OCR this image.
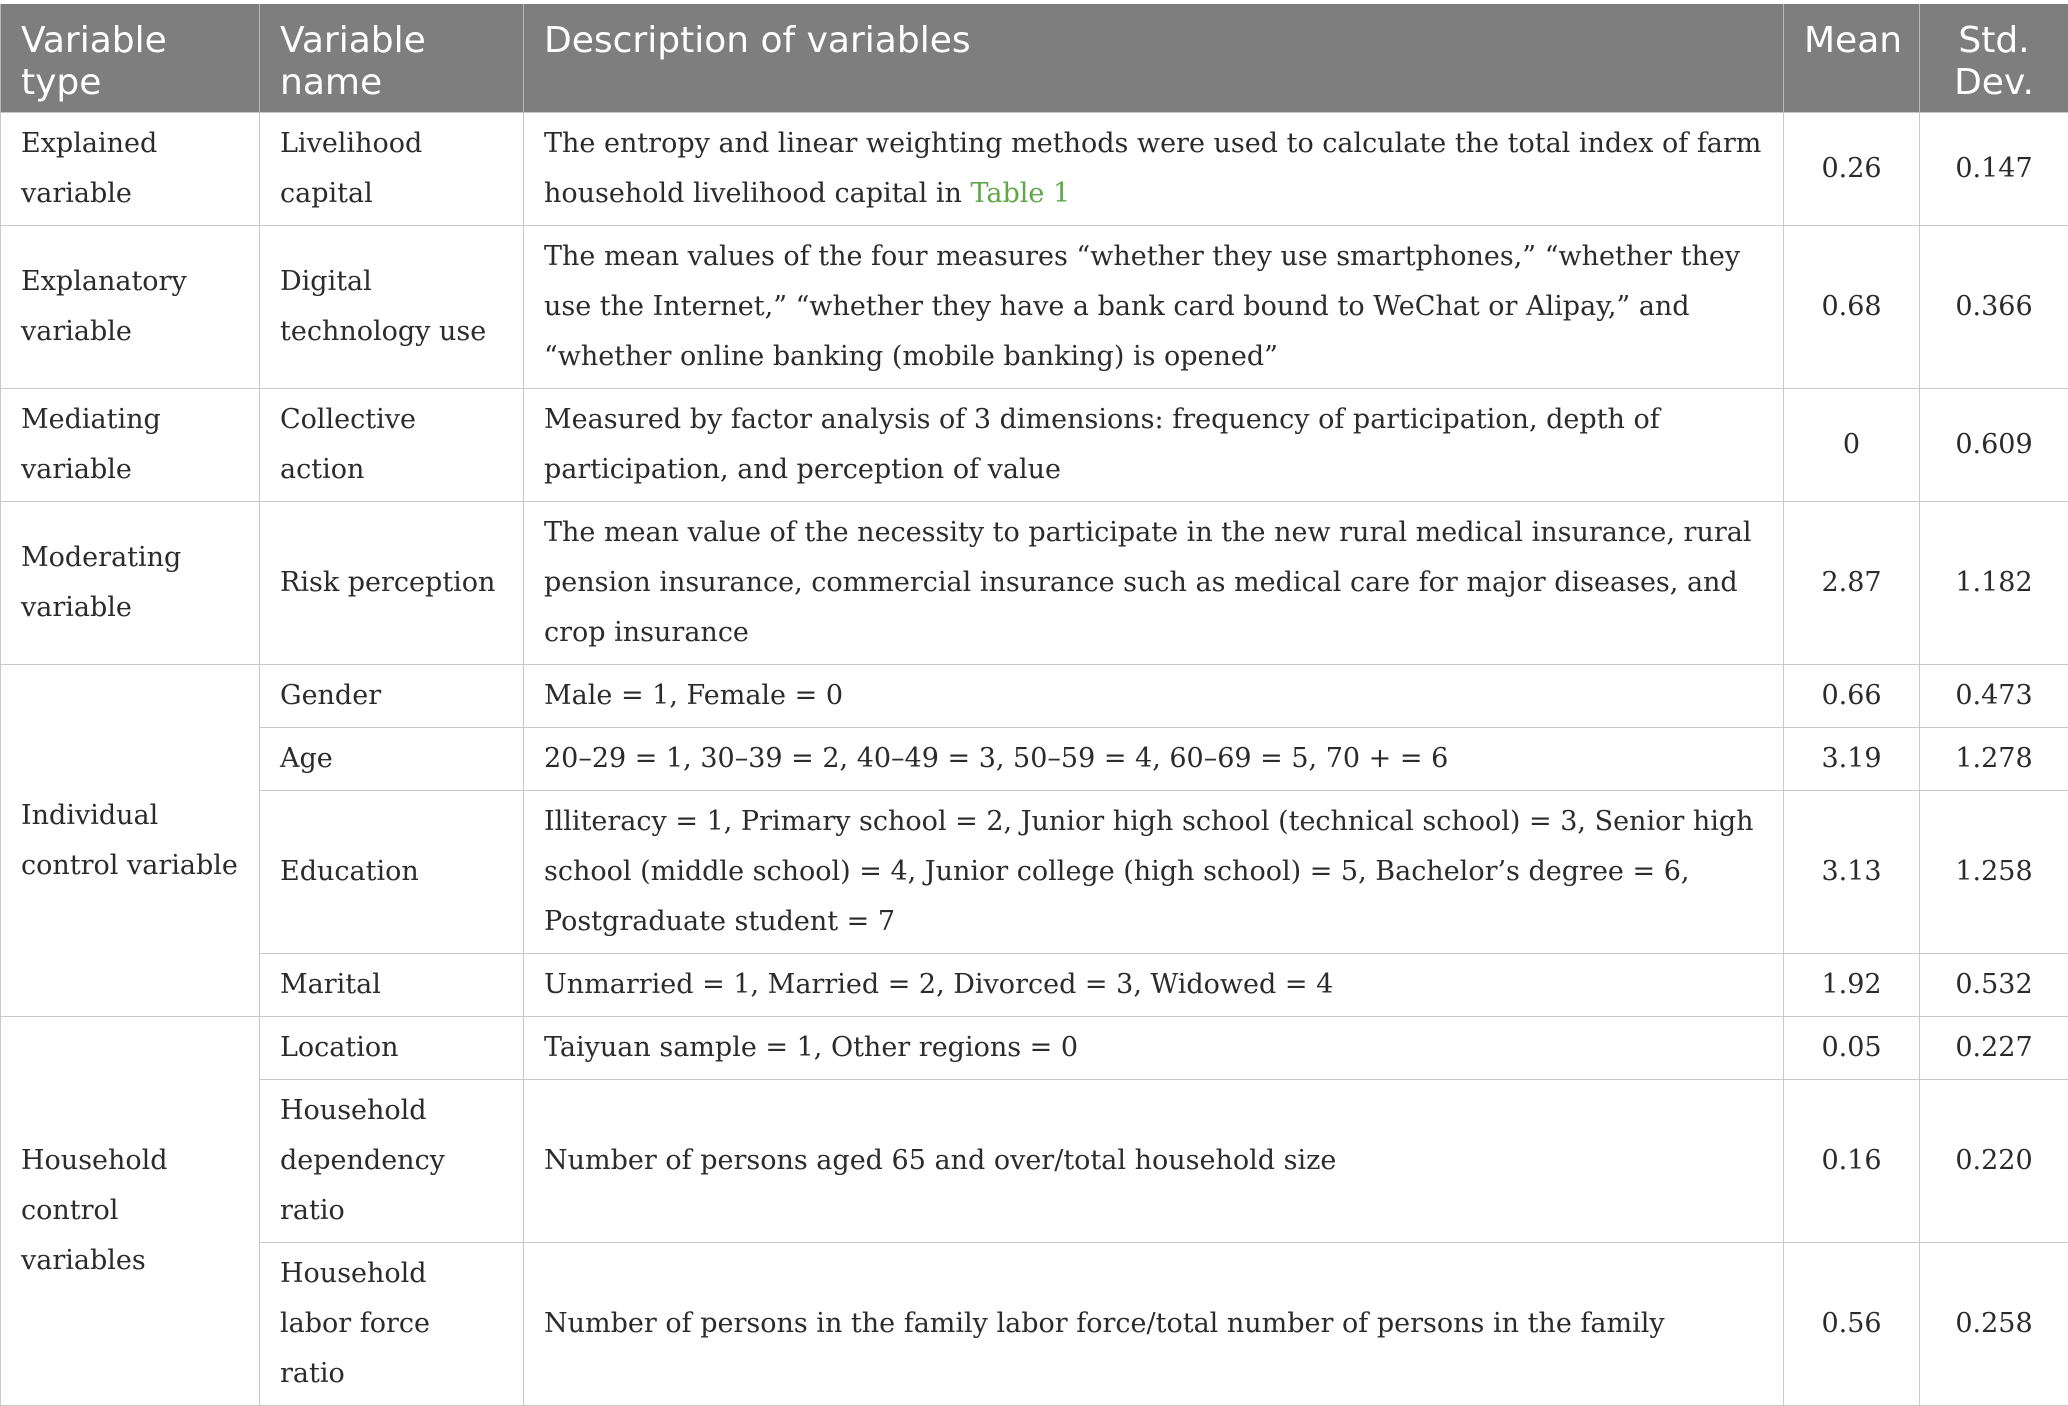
Variable type	Variable name	Description of variables	Mean	Std. Dev.
Explained variable	Livelihood capital	The entropy and linear weighting methods were used to calculate the total index of farm household livelihood capital in Table 1	0.26	0.147
Explanatory variable	Digital technology use	The mean values of the four measures “whether they use smartphones,” “whether they use the Internet,” “whether they have a bank card bound to WeChat or Alipay,” and “whether online banking (mobile banking) is opened”	0.68	0.366
Mediating variable	Collective action	Measured by factor analysis of 3 dimensions: frequency of participation, depth of participation, and perception of value	0	0.609
Moderating variable	Risk perception	The mean value of the necessity to participate in the new rural medical insurance, rural pension insurance, commercial insurance such as medical care for major diseases, and crop insurance	2.87	1.182
Individual control variable	Gender	Male = 1, Female = 0	0.66	0.473
	Age	20–29 = 1, 30–39 = 2, 40–49 = 3, 50–59 = 4, 60–69 = 5, 70 + = 6	3.19	1.278
	Education	Illiteracy = 1, Primary school = 2, Junior high school (technical school) = 3, Senior high school (middle school) = 4, Junior college (high school) = 5, Bachelor’s degree = 6, Postgraduate student = 7	3.13	1.258
	Marital	Unmarried = 1, Married = 2, Divorced = 3, Widowed = 4	1.92	0.532
Household control variables	Location	Taiyuan sample = 1, Other regions = 0	0.05	0.227
	Household dependency ratio	Number of persons aged 65 and over/total household size	0.16	0.220
	Household labor force ratio	Number of persons in the family labor force/total number of persons in the family	0.56	0.258
